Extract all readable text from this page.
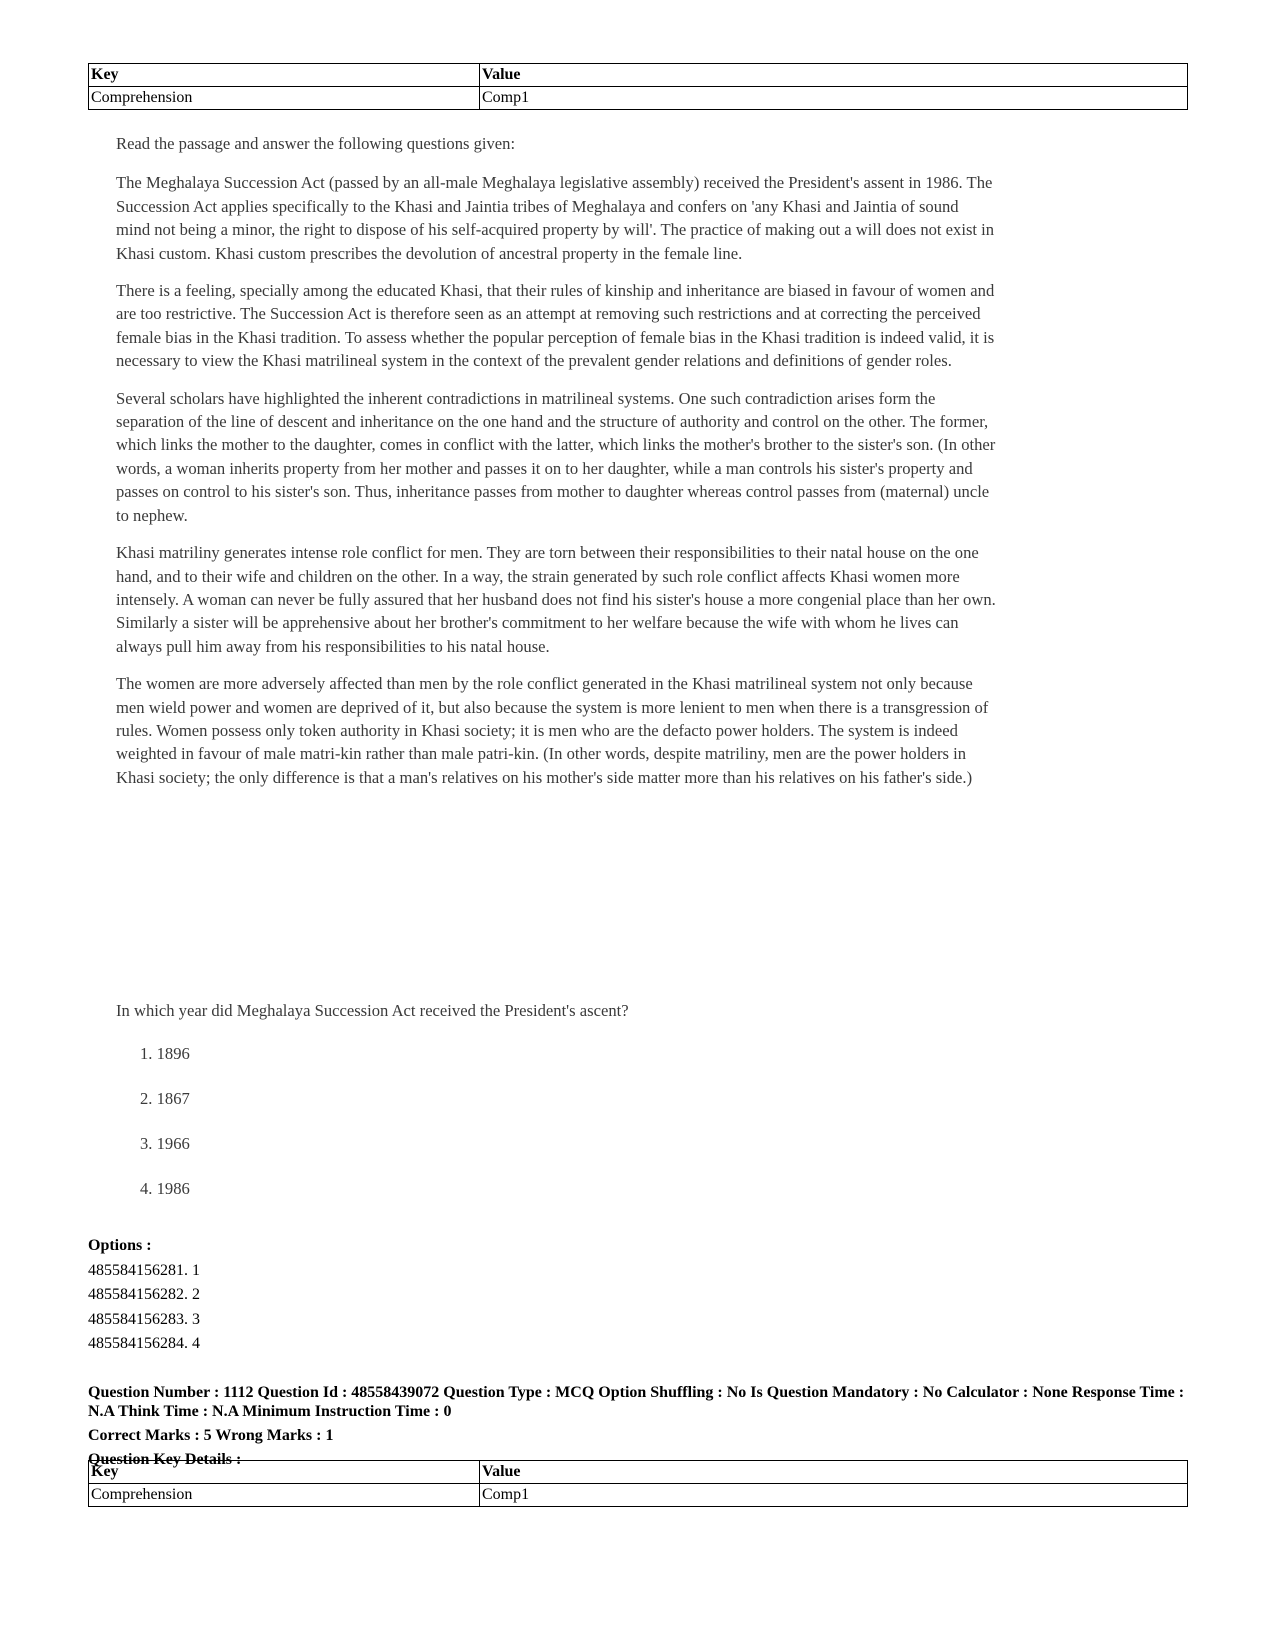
Key	Value
Comprehension	Comp1

Read the passage and answer the following questions given:

The Meghalaya Succession Act (passed by an all-male Meghalaya legislative assembly) received the President's assent in 1986. The Succession Act applies specifically to the Khasi and Jaintia tribes of Meghalaya and confers on 'any Khasi and Jaintia of sound mind not being a minor, the right to dispose of his self-acquired property by will'. The practice of making out a will does not exist in Khasi custom. Khasi custom prescribes the devolution of ancestral property in the female line.

There is a feeling, specially among the educated Khasi, that their rules of kinship and inheritance are biased in favour of women and are too restrictive. The Succession Act is therefore seen as an attempt at removing such restrictions and at correcting the perceived female bias in the Khasi tradition. To assess whether the popular perception of female bias in the Khasi tradition is indeed valid, it is necessary to view the Khasi matrilineal system in the context of the prevalent gender relations and definitions of gender roles.

Several scholars have highlighted the inherent contradictions in matrilineal systems. One such contradiction arises form the separation of the line of descent and inheritance on the one hand and the structure of authority and control on the other. The former, which links the mother to the daughter, comes in conflict with the latter, which links the mother's brother to the sister's son. (In other words, a woman inherits property from her mother and passes it on to her daughter, while a man controls his sister's property and passes on control to his sister's son. Thus, inheritance passes from mother to daughter whereas control passes from (maternal) uncle to nephew.

Khasi matriliny generates intense role conflict for men. They are torn between their responsibilities to their natal house on the one hand, and to their wife and children on the other. In a way, the strain generated by such role conflict affects Khasi women more intensely. A woman can never be fully assured that her husband does not find his sister's house a more congenial place than her own. Similarly a sister will be apprehensive about her brother's commitment to her welfare because the wife with whom he lives can always pull him away from his responsibilities to his natal house.

The women are more adversely affected than men by the role conflict generated in the Khasi matrilineal system not only because men wield power and women are deprived of it, but also because the system is more lenient to men when there is a transgression of rules. Women possess only token authority in Khasi society; it is men who are the defacto power holders. The system is indeed weighted in favour of male matri-kin rather than male patri-kin. (In other words, despite matriliny, men are the power holders in Khasi society; the only difference is that a man's relatives on his mother's side matter more than his relatives on his father's side.)

In which year did Meghalaya Succession Act received the President's ascent?

1. 1896
2. 1867
3. 1966
4. 1986
Options :
485584156281. 1
485584156282. 2
485584156283. 3
485584156284. 4
Question Number : 1112 Question Id : 48558439072 Question Type : MCQ Option Shuffling : No Is Question Mandatory : No Calculator : None Response Time : N.A Think Time : N.A Minimum Instruction Time : 0
Correct Marks : 5 Wrong Marks : 1
Question Key Details :
Key	Value
Comprehension	Comp1
